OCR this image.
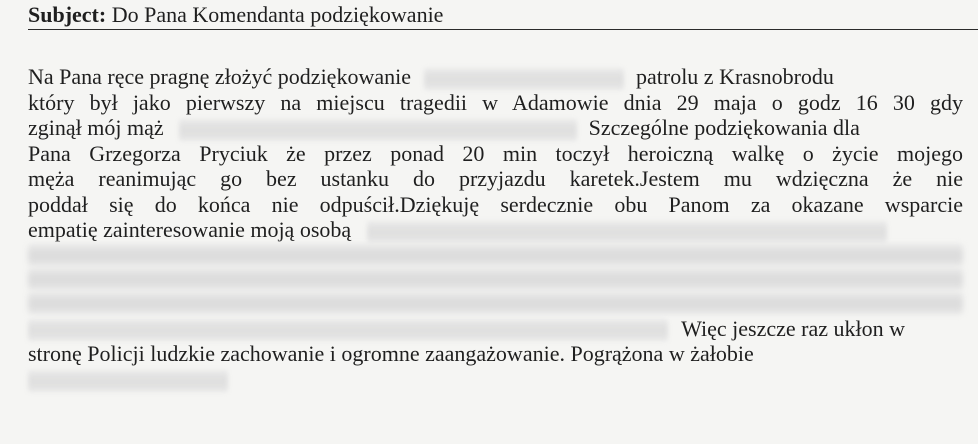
Subject: Do Pana Komendanta podziękowanie
Na Pana ręce pragnę złożyć podziękowanie	patrolu z Krasnobrodu
który był jako pierwszy na miejscu tragedii w Adamowie dnia 29 maja o godz 16 30 gdy
zginął mój mąż	Szczególne podziękowania dla
Pana Grzegorza Pryciuk że przez ponad 20 min toczył heroiczną walkę o życie mojego
męża reanimując go bez ustanku do przyjazdu karetek.Jestem mu wdzięczna że nie
poddał się do końca nie odpuścił.Dziękuję serdecznie obu Panom za okazane wsparcie
empatię zainteresowanie moją osobą
Więc jeszcze raz ukłon w
stronę Policji ludzkie zachowanie i ogromne zaangażowanie. Pogrążona w żałobie
